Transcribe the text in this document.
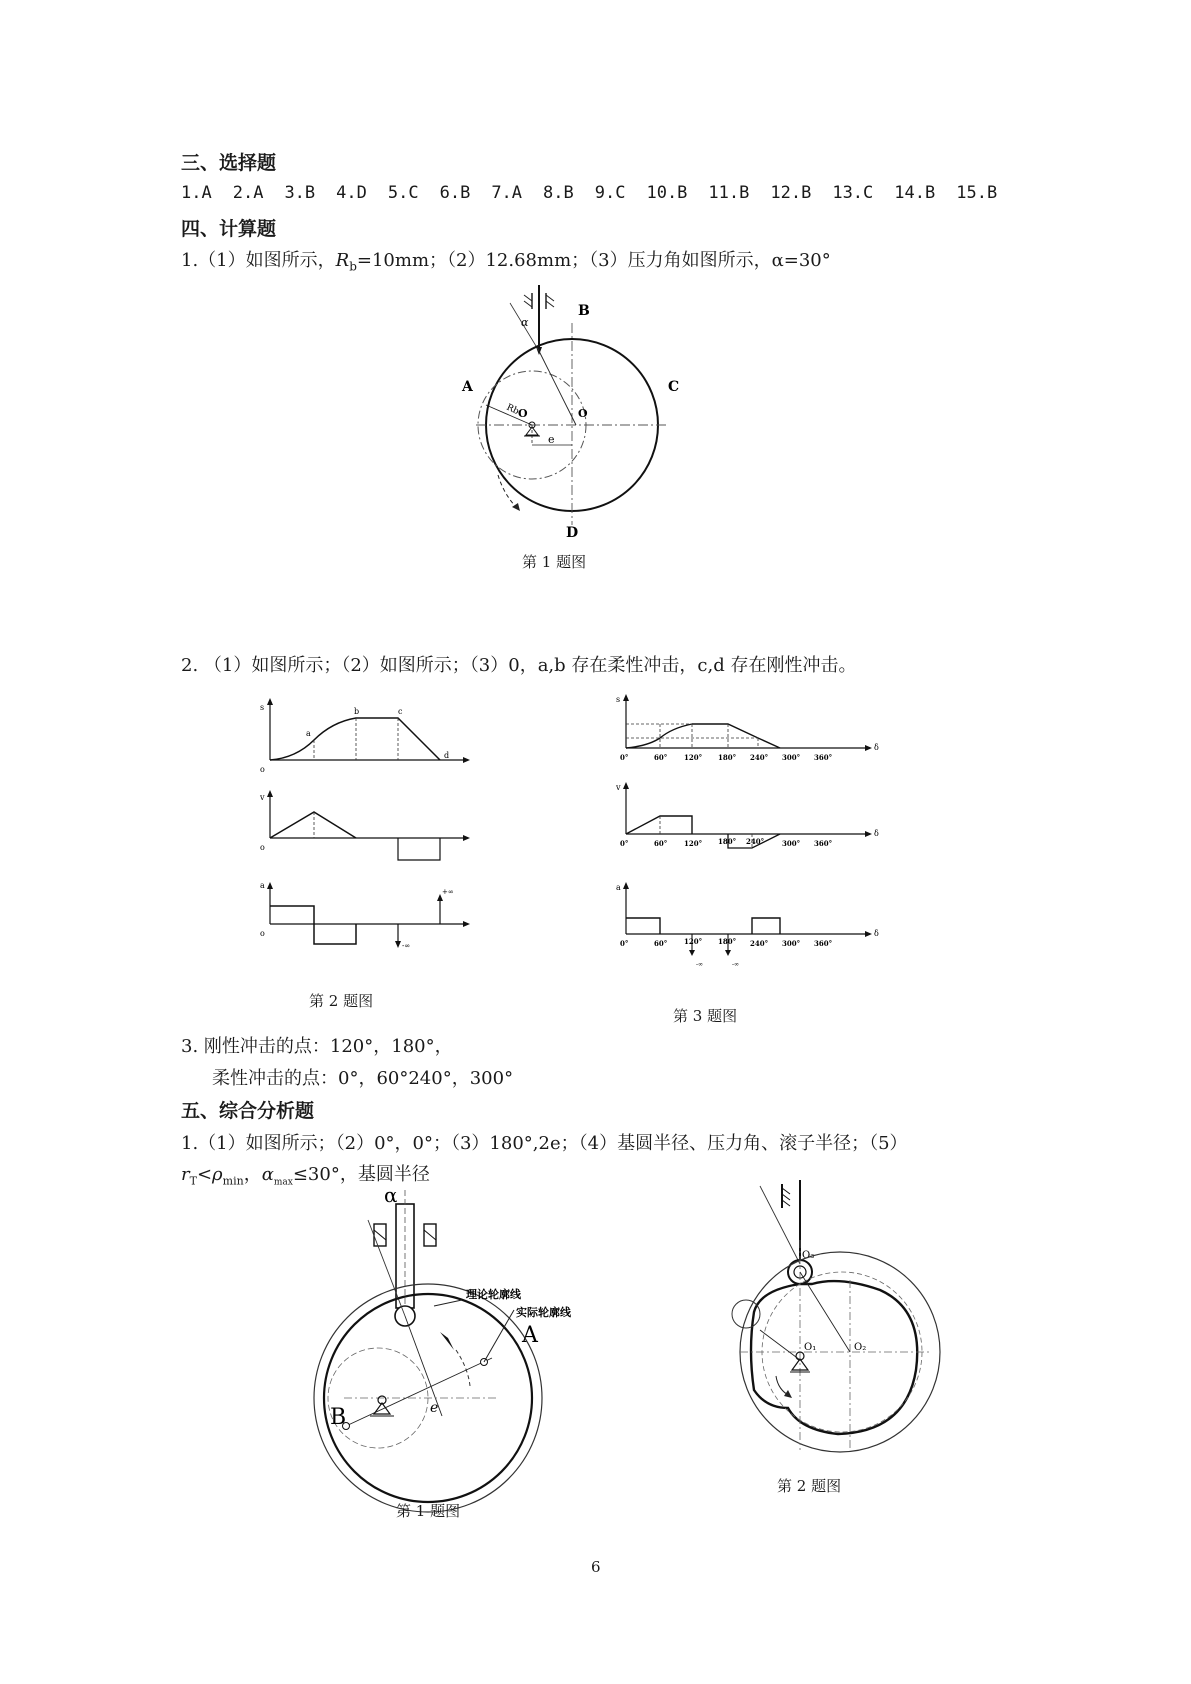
三、选择题
1.A 2.A 3.B 4.D 5.C 6.B 7.A 8.B 9.C 10.B 11.B 12.B 13.C 14.B 15.B
四、计算题
1.（1）如图所示，$R_b=10mm$；（2）12.68mm；（3）压力角如图所示，α=30°
α
B
A	C
D
O	O
Rb
e
第 1 题图
2. （1）如图所示；（2）如图所示；（3）0，a,b 存在柔性冲击，c,d 存在刚性冲击。
s
o
a
b	c
d
v
o
a
o
+∞
-∞
第 2 题图
s
δ
0°	60° 120° 180° 240° 300° 360°
v
δ
0°	60° 120° 180° 240°	300° 360°
a
δ
0°	60° 120° 180° 240° 300° 360°
-∞	-∞
第 3 题图
3. 刚性冲击的点：120°，180°，
柔性冲击的点：0°，60°240°，300°
五、综合分析题
1.（1）如图所示；（2）0°，0°；（3）180°,2e；（4）基圆半径、压力角、滚子半径；（5）
$r_T<\rho_{min}$，$\alpha_{max}\le 30^\circ$，基圆半径
α
理论轮廓线
实际轮廓线
A
B	e
第 1 题图
O₃
O₁	O₂
第 2 题图
6
